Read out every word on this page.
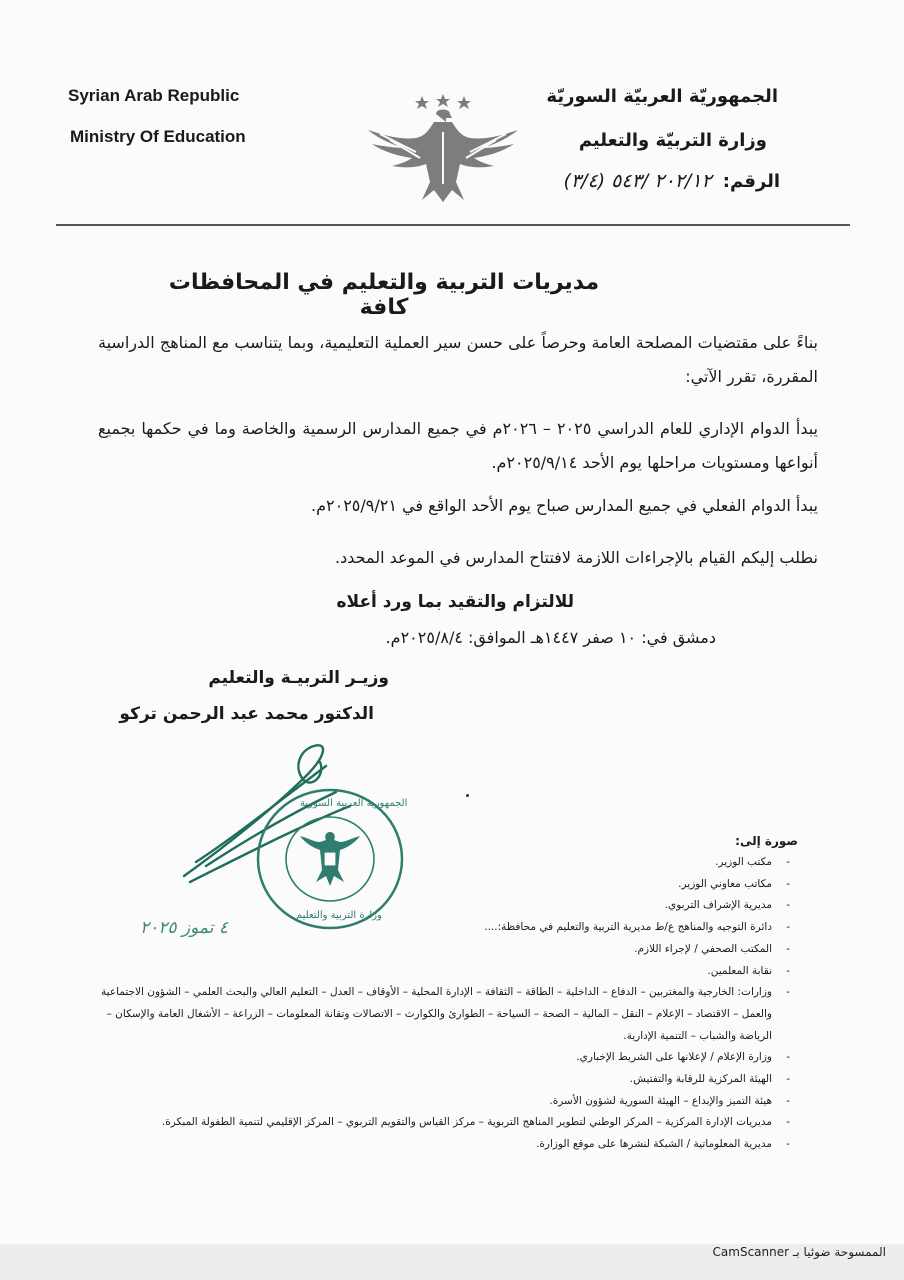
Syrian Arab Republic
Ministry Of Education
الجمهوريّة العربيّة السوريّة
وزارة التربيّة والتعليم
الرقم: ٢٠٢/١٢ /٥٤٣ (٣/٤)
مديريات التربية والتعليم في المحافظات كافة
بناءً على مقتضيات المصلحة العامة وحرصاً على حسن سير العملية التعليمية، وبما يتناسب مع المناهج الدراسية المقررة، تقرر الآتي:
يبدأ الدوام الإداري للعام الدراسي ٢٠٢٥ – ٢٠٢٦م في جميع المدارس الرسمية والخاصة وما في حكمها بجميع أنواعها ومستويات مراحلها يوم الأحد ٢٠٢٥/٩/١٤م.
يبدأ الدوام الفعلي في جميع المدارس صباح يوم الأحد الواقع في ٢٠٢٥/٩/٢١م.
نطلب إليكم القيام بالإجراءات اللازمة لافتتاح المدارس في الموعد المحدد.
للالتزام والتقيد بما ورد أعلاه
دمشق في: ١٠ صفر ١٤٤٧هـ الموافق: ٢٠٢٥/٨/٤م.
وزيـر التربيـة والتعليم
الدكتور محمد عبد الرحمن تركو
الجمهورية العربية السورية
وزارة التربية والتعليم
٤ تموز ٢٠٢٥
صورة إلى:
- مكتب الوزير.
- مكاتب معاوني الوزير.
- مديرية الإشراف التربوي.
- دائرة التوجيه والمناهج ع/ط مديرية التربية والتعليم في محافظة:....
- المكتب الصحفي / لإجراء اللازم.
- نقابة المعلمين.
- وزارات: الخارجية والمغتربين – الدفاع – الداخلية – الطاقة – الثقافة – الإدارة المحلية – الأوقاف – العدل – التعليم العالي والبحث العلمي – الشؤون الاجتماعية والعمل – الاقتصاد – الإعلام – النقل – المالية – الصحة – السياحة – الطوارئ والكوارث – الاتصالات وتقانة المعلومات – الزراعة – الأشغال العامة والإسكان – الرياضة والشباب – التنمية الإدارية.
- وزارة الإعلام / لإعلانها على الشريط الإخباري.
- الهيئة المركزية للرقابة والتفتيش.
- هيئة التميز والإبداع – الهيئة السورية لشؤون الأسرة.
- مديريات الإدارة المركزية – المركز الوطني لتطوير المناهج التربوية – مركز القياس والتقويم التربوي – المركز الإقليمي لتنمية الطفولة المبكرة.
- مديرية المعلوماتية / الشبكة لنشرها على موقع الوزارة.
الممسوحة ضوئيا بـ CamScanner
